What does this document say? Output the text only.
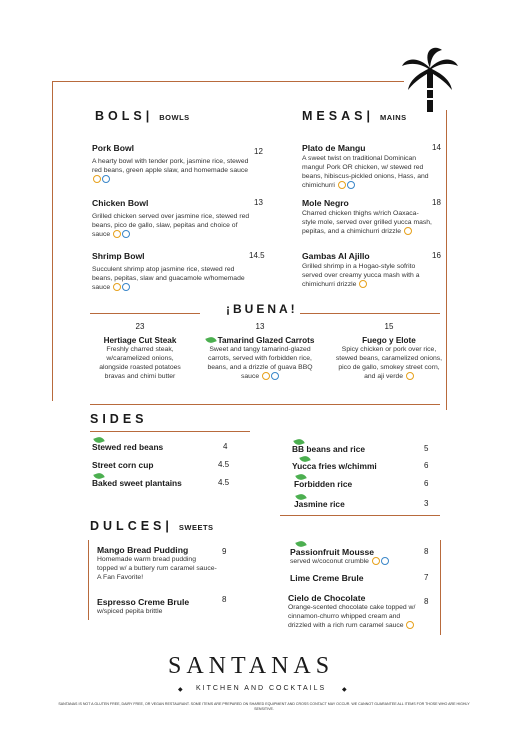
BOLS| BOWLS	MESAS| MAINS
Pork Bowl
A hearty bowl with tender pork, jasmine rice, stewed red beans, green apple slaw, and homemade sauce
12
Chicken Bowl
Grilled chicken served over jasmine rice, stewed red beans, pico de gallo, slaw, pepitas and choice of sauce
13
Shrimp Bowl
Succulent shrimp atop jasmine rice, stewed red beans, pepitas, slaw and guacamole w/homemade sauce
14.5
Plato de Mangu
A sweet twist on traditional Dominican mangu! Pork OR chicken, w/ stewed red beans, hibiscus-pickled onions, Hass, and chimichurri
14
Mole Negro
Charred chicken thighs w/rich Oaxaca-style mole, served over grilled yucca mash, pepitas, and a chimichurri drizzle
18
Gambas Al Ajillo
Grilled shrimp in a Hogao-style sofrito served over creamy yucca mash with a chimichurri drizzle
16
¡BUENA!
23
Hertiage Cut Steak
Freshly charred steak, w/caramelized onions, alongside roasted potatoes bravas and chimi butter
13
Tamarind Glazed Carrots
Sweet and tangy tamarind-glazed carrots, served with forbidden rice, beans, and a drizzle of guava BBQ sauce
15
Fuego y Elote
Spicy chicken or pork over rice, stewed beans, caramelized onions, pico de gallo, smokey street corn, and aji verde
SIDES
Stewed red beans	4
Street corn cup	4.5
Baked sweet plantains	4.5
BB beans and rice	5
Yucca fries w/chimmi	6
Forbidden rice	6
Jasmine rice	3
DULCES| SWEETS
Mango Bread Pudding
Homemade warm bread pudding topped w/ a buttery rum caramel sauce- A Fan Favorite!
9
Espresso Creme Brule
w/spiced pepita brittle
8
Passionfruit Mousse
served w/coconut crumble
8
Lime Creme Brule	7
Cielo de Chocolate
Orange-scented chocolate cake topped w/ cinnamon-churro whipped cream and drizzled with a rich rum caramel sauce
8
SANTANAS
◆ KITCHEN AND COCKTAILS	◆
SANTANAS IS NOT A GLUTEN FREE, DAIRY FREE, OR VEGAN RESTAURANT. SOME ITEMS ARE PREPARED ON SHARED EQUIPMENT AND CROSS CONTACT MAY OCCUR. WE CANNOT GUARANTEE ALL ITEMS FOR THOSE WHO ARE HIGHLY SENSITIVE.
